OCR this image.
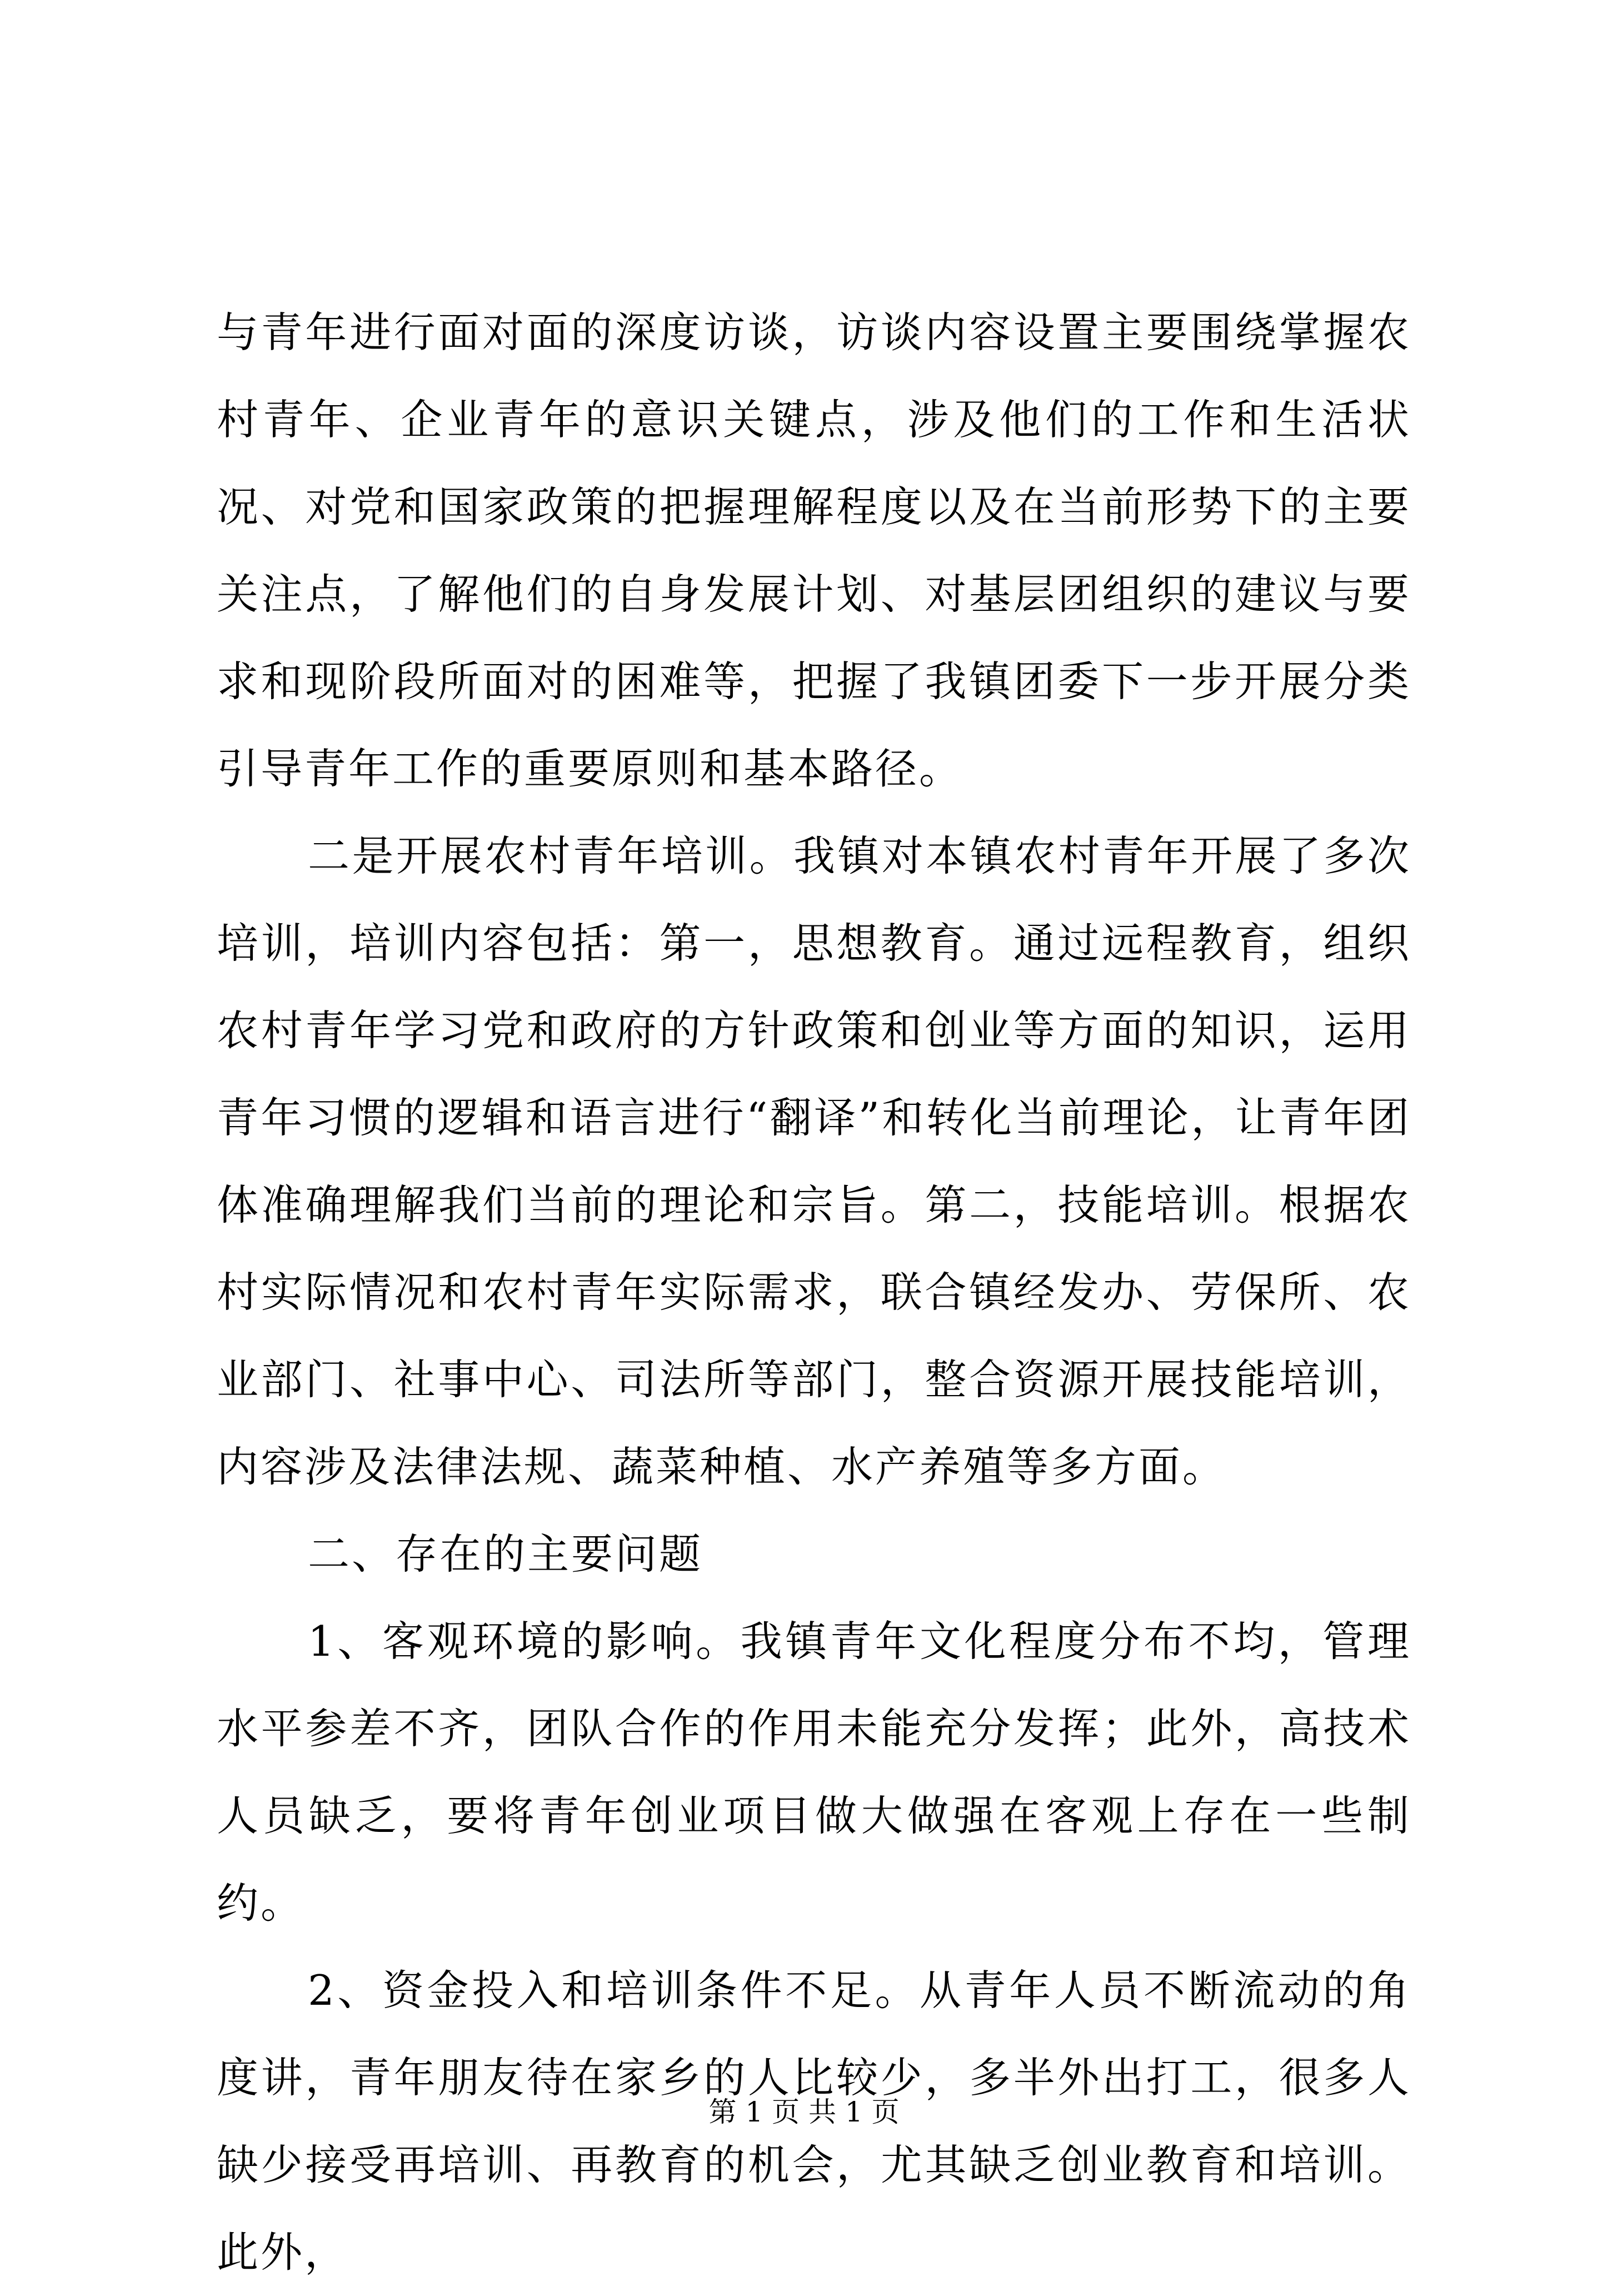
与青年进行面对面的深度访谈，访谈内容设置主要围绕掌握农村青年、企业青年的意识关键点，涉及他们的工作和生活状况、对党和国家政策的把握理解程度以及在当前形势下的主要关注点，了解他们的自身发展计划、对基层团组织的建议与要求和现阶段所面对的困难等，把握了我镇团委下一步开展分类引导青年工作的重要原则和基本路径。

二是开展农村青年培训。我镇对本镇农村青年开展了多次培训，培训内容包括：第一，思想教育。通过远程教育，组织农村青年学习党和政府的方针政策和创业等方面的知识，运用青年习惯的逻辑和语言进行“翻译”和转化当前理论，让青年团体准确理解我们当前的理论和宗旨。第二，技能培训。根据农村实际情况和农村青年实际需求，联合镇经发办、劳保所、农业部门、社事中心、司法所等部门，整合资源开展技能培训，内容涉及法律法规、蔬菜种植、水产养殖等多方面。

二、存在的主要问题

1、客观环境的影响。我镇青年文化程度分布不均，管理水平参差不齐，团队合作的作用未能充分发挥；此外，高技术人员缺乏，要将青年创业项目做大做强在客观上存在一些制约。

2、资金投入和培训条件不足。从青年人员不断流动的角度讲，青年朋友待在家乡的人比较少，多半外出打工，很多人缺少接受再培训、再教育的机会，尤其缺乏创业教育和培训。此外，

第 1 页 共 1 页
